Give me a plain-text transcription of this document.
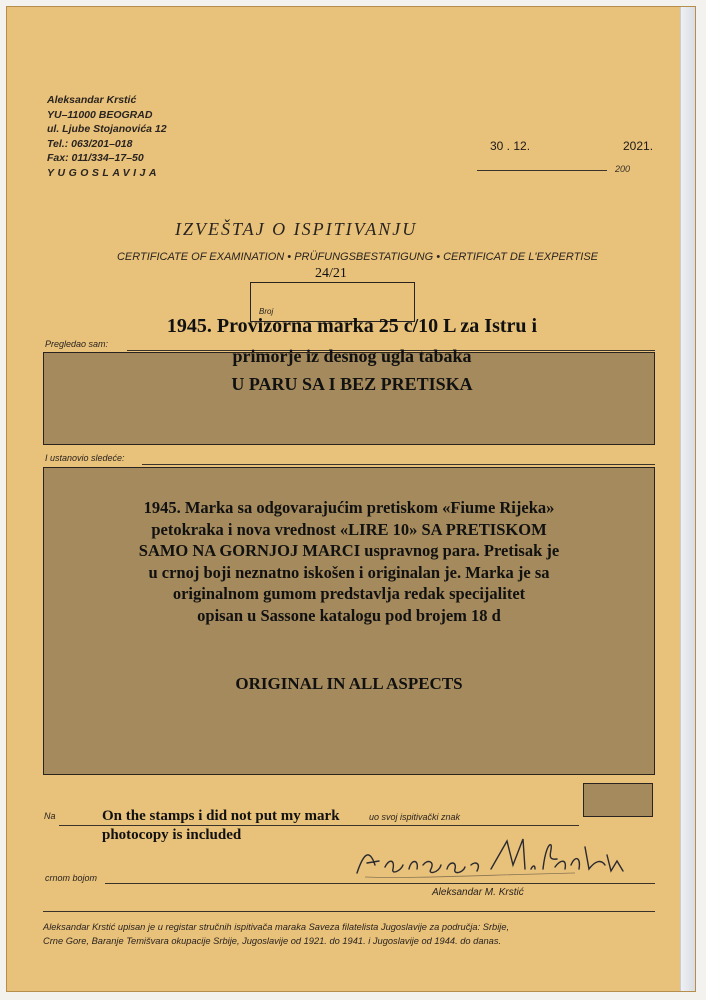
Aleksandar Krstić
YU–11000 BEOGRAD
ul. Ljube Stojanovića 12
Tel.: 063/201–018
Fax: 011/334–17–50
YUGOSLAVIJA
30 . 12.	2021.
200
IZVEŠTAJ O ISPITIVANJU
CERTIFICATE OF EXAMINATION • PRÜFUNGSBESTATIGUNG • CERTIFICAT DE L'EXPERTISE
24/21
Broj
Pregledao sam:
1945. Provizorna marka 25 c/10 L za Istru i
primorje iz desnog ugla tabaka
U PARU SA I BEZ PRETISKA
I ustanovio sledeće:
1945. Marka sa odgovarajućim pretiskom «Fiume Rijeka»
petokraka i nova vrednost «LIRE 10» SA PRETISKOM
SAMO NA GORNJOJ MARCI uspravnog para. Pretisak je
u crnoj boji neznatno iskošen i originalan je. Marka je sa
originalnom gumom predstavlja redak specijalitet
opisan u Sassone katalogu pod brojem 18 d
ORIGINAL IN ALL ASPECTS
Na	uo svoj ispitivački znak
On the stamps i did not put my mark
photocopy is included
crnom bojom
Aleksandar M. Krstić
Aleksandar Krstić upisan je u registar stručnih ispitivača maraka Saveza filatelista Jugoslavije za područja: Srbije,
Crne Gore, Baranje Temišvara okupacije Srbije, Jugoslavije od 1921. do 1941. i Jugoslavije od 1944. do danas.
